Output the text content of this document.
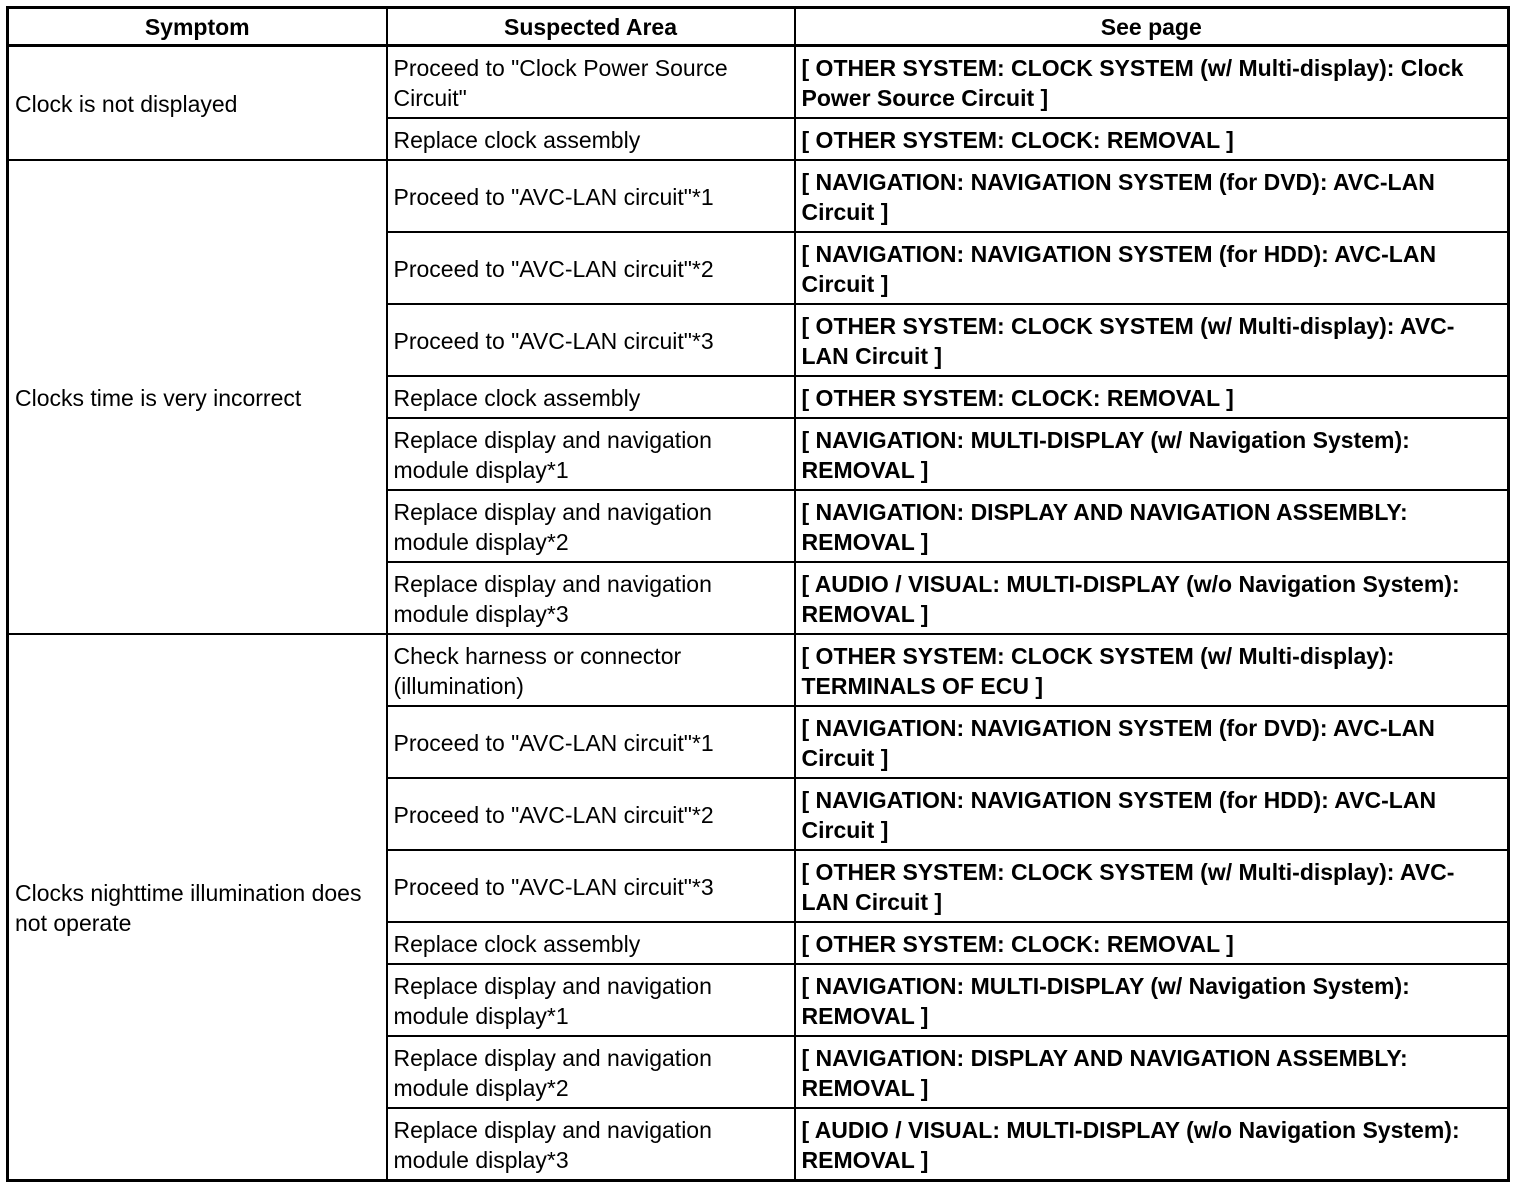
Symptom	Suspected Area	See page
Clock is not displayed	Proceed to "Clock Power Source Circuit"	[ OTHER SYSTEM: CLOCK SYSTEM (w/ Multi-display): Clock Power Source Circuit ]
	Replace clock assembly	[ OTHER SYSTEM: CLOCK: REMOVAL ]
Clocks time is very incorrect	Proceed to "AVC-LAN circuit"*1	[ NAVIGATION: NAVIGATION SYSTEM (for DVD): AVC-LAN Circuit ]
	Proceed to "AVC-LAN circuit"*2	[ NAVIGATION: NAVIGATION SYSTEM (for HDD): AVC-LAN Circuit ]
	Proceed to "AVC-LAN circuit"*3	[ OTHER SYSTEM: CLOCK SYSTEM (w/ Multi-display): AVC-LAN Circuit ]
	Replace clock assembly	[ OTHER SYSTEM: CLOCK: REMOVAL ]
	Replace display and navigation module display*1	[ NAVIGATION: MULTI-DISPLAY (w/ Navigation System): REMOVAL ]
	Replace display and navigation module display*2	[ NAVIGATION: DISPLAY AND NAVIGATION ASSEMBLY: REMOVAL ]
	Replace display and navigation module display*3	[ AUDIO / VISUAL: MULTI-DISPLAY (w/o Navigation System): REMOVAL ]
Clocks nighttime illumination does not operate	Check harness or connector (illumination)	[ OTHER SYSTEM: CLOCK SYSTEM (w/ Multi-display): TERMINALS OF ECU ]
	Proceed to "AVC-LAN circuit"*1	[ NAVIGATION: NAVIGATION SYSTEM (for DVD): AVC-LAN Circuit ]
	Proceed to "AVC-LAN circuit"*2	[ NAVIGATION: NAVIGATION SYSTEM (for HDD): AVC-LAN Circuit ]
	Proceed to "AVC-LAN circuit"*3	[ OTHER SYSTEM: CLOCK SYSTEM (w/ Multi-display): AVC-LAN Circuit ]
	Replace clock assembly	[ OTHER SYSTEM: CLOCK: REMOVAL ]
	Replace display and navigation module display*1	[ NAVIGATION: MULTI-DISPLAY (w/ Navigation System): REMOVAL ]
	Replace display and navigation module display*2	[ NAVIGATION: DISPLAY AND NAVIGATION ASSEMBLY: REMOVAL ]
	Replace display and navigation module display*3	[ AUDIO / VISUAL: MULTI-DISPLAY (w/o Navigation System): REMOVAL ]
